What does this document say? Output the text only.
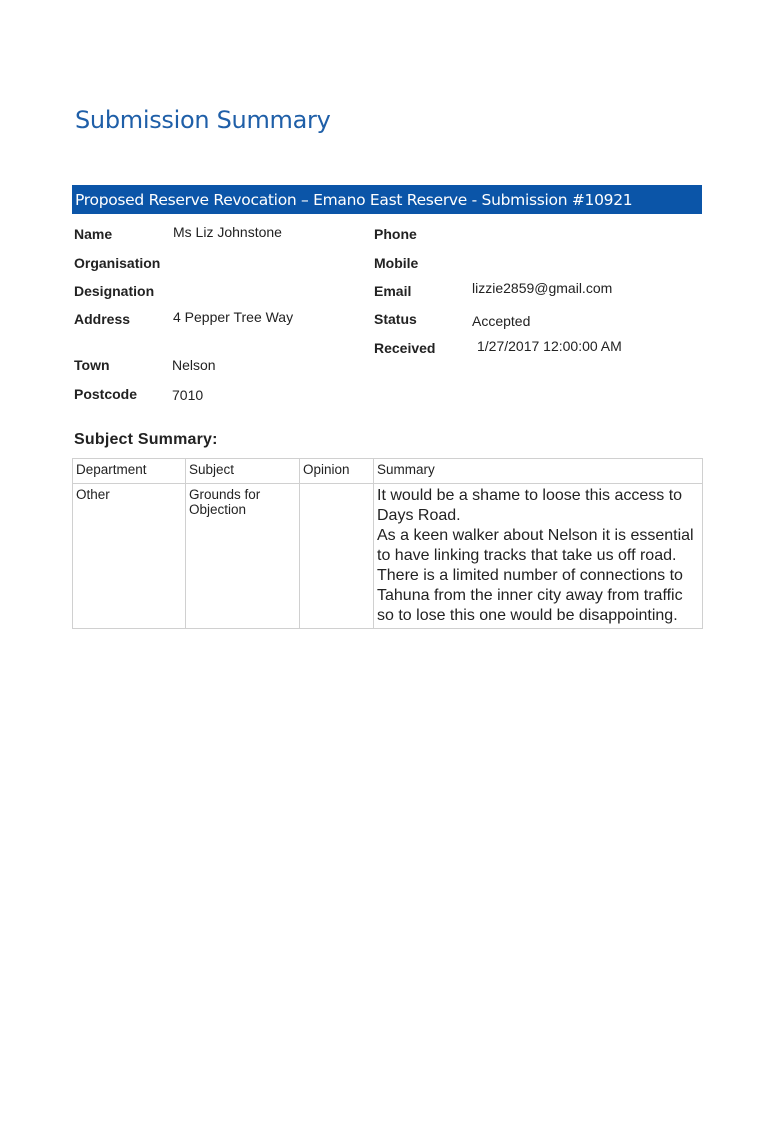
Submission Summary
Proposed Reserve Revocation – Emano East Reserve - Submission #10921
Name	Ms Liz Johnstone
Organisation
Designation
Address	4 Pepper Tree Way
Town	Nelson
Postcode 7010
Phone
Mobile
Email	lizzie2859@gmail.com
Status	Accepted
Received	1/27/2017 12:00:00 AM
Subject Summary:
Department	Subject	Opinion	Summary
Other	Grounds for Objection		It would be a shame to loose this access to Days Road.
As a keen walker about Nelson it is essential to have linking tracks that take us off road.
There is a limited number of connections to Tahuna from the inner city away from traffic so to lose this one would be disappointing.
